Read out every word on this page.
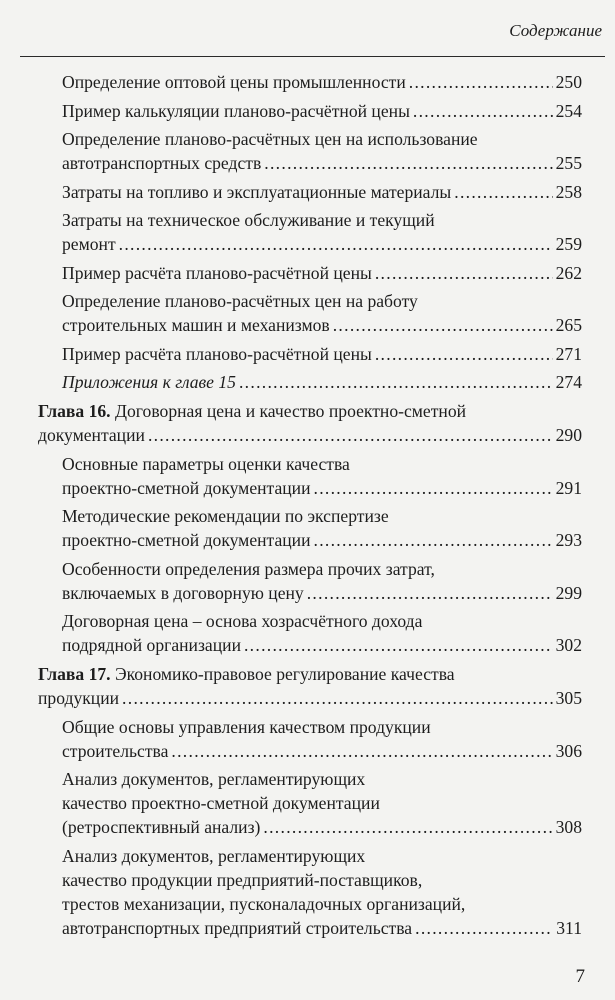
Содержание
Определение оптовой цены промышленности .....	250
Пример калькуляции планово-расчётной цены .....	254
Определение планово-расчётных цен на использование
автотранспортных средств .....	255
Затраты на топливо и эксплуатационные материалы .....	258
Затраты на техническое обслуживание и текущий
ремонт .....	259
Пример расчёта планово-расчётной цены .....	262
Определение планово-расчётных цен на работу
строительных машин и механизмов .....	265
Пример расчёта планово-расчётной цены .....	271
Приложения к главе 15 .....	274
Глава 16. Договорная цена и качество проектно-сметной
документации .....	290
Основные параметры оценки качества
проектно-сметной документации .....	291
Методические рекомендации по экспертизе
проектно-сметной документации .....	293
Особенности определения размера прочих затрат,
включаемых в договорную цену .....	299
Договорная цена – основа хозрасчётного дохода
подрядной организации .....	302
Глава 17. Экономико-правовое регулирование качества
продукции .....	305
Общие основы управления качеством продукции
строительства .....	306
Анализ документов, регламентирующих
качество проектно-сметной документации
(ретроспективный анализ) .....	308
Анализ документов, регламентирующих
качество продукции предприятий-поставщиков,
трестов механизации, пусконаладочных организаций,
автотранспортных предприятий строительства .....	311
7
